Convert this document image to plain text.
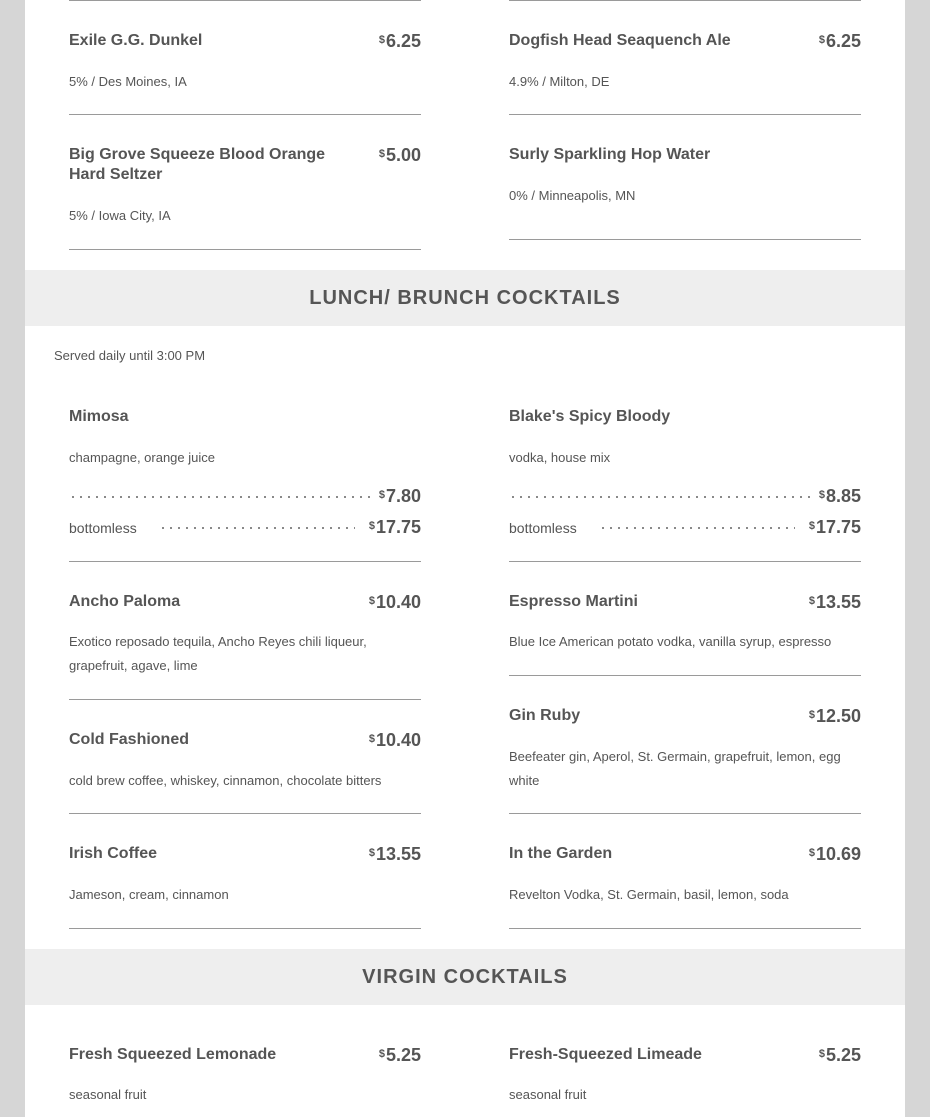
Exile G.G. Dunkel	$6.25
5% / Des Moines, IA
Dogfish Head Seaquench Ale	$6.25
4.9% / Milton, DE
Big Grove Squeeze Blood Orange Hard Seltzer
$5.00
5% / Iowa City, IA
Surly Sparkling Hop Water
0% / Minneapolis, MN
LUNCH/ BRUNCH COCKTAILS
Served daily until 3:00 PM
Mimosa
champagne, orange juice
$7.80
bottomless	$17.75
Blake's Spicy Bloody
vodka, house mix
$8.85
bottomless	$17.75
Ancho Paloma	$10.40
Exotico reposado tequila, Ancho Reyes chili liqueur, grapefruit, agave, lime
Espresso Martini	$13.55
Blue Ice American potato vodka, vanilla syrup, espresso
Cold Fashioned	$10.40
cold brew coffee, whiskey, cinnamon, chocolate bitters
Gin Ruby	$12.50
Beefeater gin, Aperol, St. Germain, grapefruit, lemon, egg white
Irish Coffee	$13.55
Jameson, cream, cinnamon
In the Garden	$10.69
Revelton Vodka, St. Germain, basil, lemon, soda
VIRGIN COCKTAILS
Fresh Squeezed Lemonade	$5.25
seasonal fruit
Fresh-Squeezed Limeade	$5.25
seasonal fruit
